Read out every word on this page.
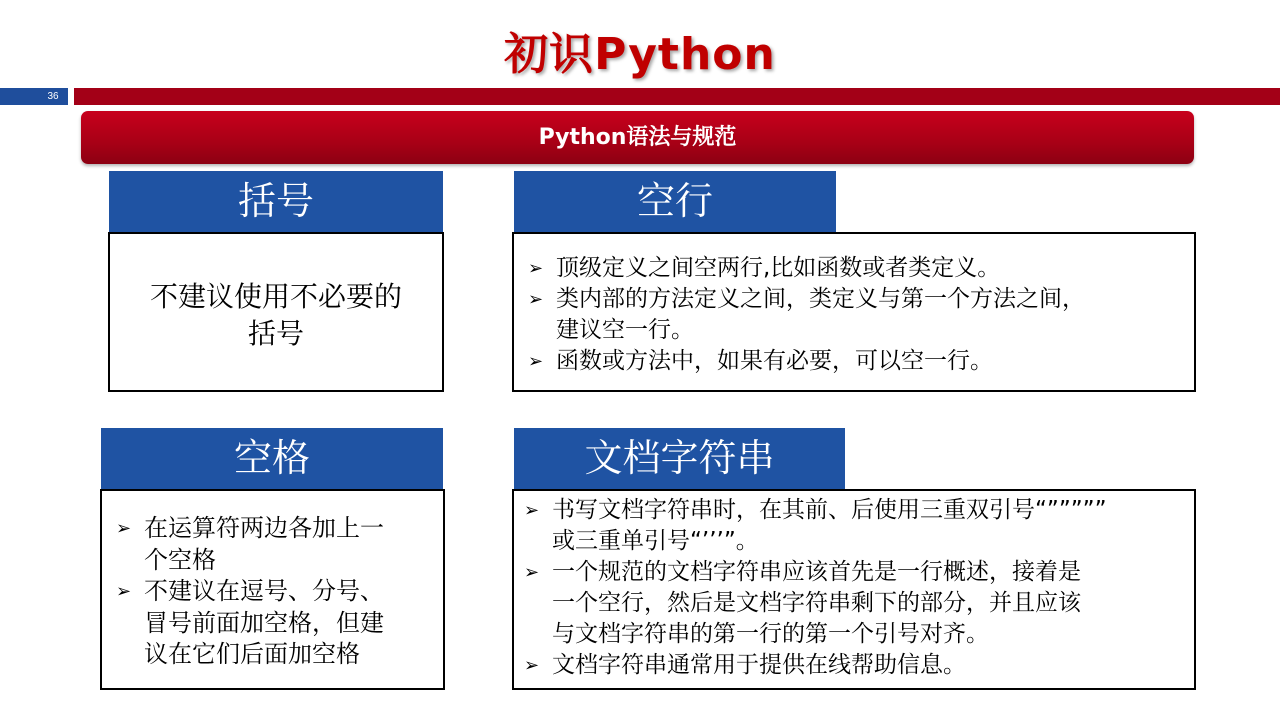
初识Python
36
Python语法与规范
括号
不建议使用不必要的
括号
空行
➢ 顶级定义之间空两行,比如函数或者类定义。
➢ 类内部的方法定义之间，类定义与第一个方法之间，
建议空一行。
➢ 函数或方法中，如果有必要，可以空一行。
空格
➢ 在运算符两边各加上一
个空格
➢ 不建议在逗号、分号、
冒号前面加空格，但建
议在它们后面加空格
文档字符串
➢ 书写文档字符串时，在其前、后使用三重双引号“”””””
或三重单引号“’’’”。
➢ 一个规范的文档字符串应该首先是一行概述，接着是
一个空行，然后是文档字符串剩下的部分，并且应该
与文档字符串的第一行的第一个引号对齐。
➢ 文档字符串通常用于提供在线帮助信息。
